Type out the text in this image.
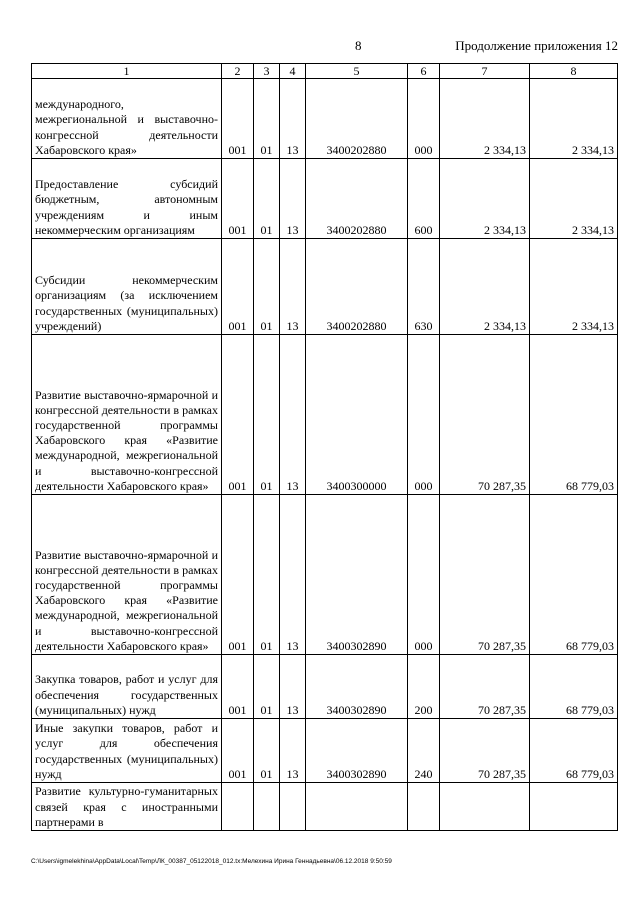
8	Продолжение приложения 12
1	2	3	4	5	6	7	8
международного, межрегиональной и выставочно-конгрессной деятельности Хабаровского края»	001	01	13	3400202880	000	2 334,13	2 334,13
Предоставление субсидий бюджетным, автономным учреждениям и иным некоммерческим организациям	001	01	13	3400202880	600	2 334,13	2 334,13
Субсидии некоммерческим организациям (за исключением государственных (муниципальных) учреждений)	001	01	13	3400202880	630	2 334,13	2 334,13
Развитие выставочно-ярмарочной и конгрессной деятельности в рамках государственной программы Хабаровского края «Развитие международной, межрегиональной и выставочно-конгрессной деятельности Хабаровского края»	001	01	13	3400300000	000	70 287,35	68 779,03
Развитие выставочно-ярмарочной и конгрессной деятельности в рамках государственной программы Хабаровского края «Развитие международной, межрегиональной и выставочно-конгрессной деятельности Хабаровского края»	001	01	13	3400302890	000	70 287,35	68 779,03
Закупка товаров, работ и услуг для обеспечения государственных (муниципальных) нужд	001	01	13	3400302890	200	70 287,35	68 779,03
Иные закупки товаров, работ и услуг для обеспечения государственных (муниципальных) нужд	001	01	13	3400302890	240	70 287,35	68 779,03
Развитие культурно-гуманитарных связей края с иностранными партнерами в							
C:\Users\igmelekhina\AppData\Local\Temp\ЛК_00387_05122018_012.tx:Мелехина Ирина Геннадьевна\06.12.2018 9:50:59
